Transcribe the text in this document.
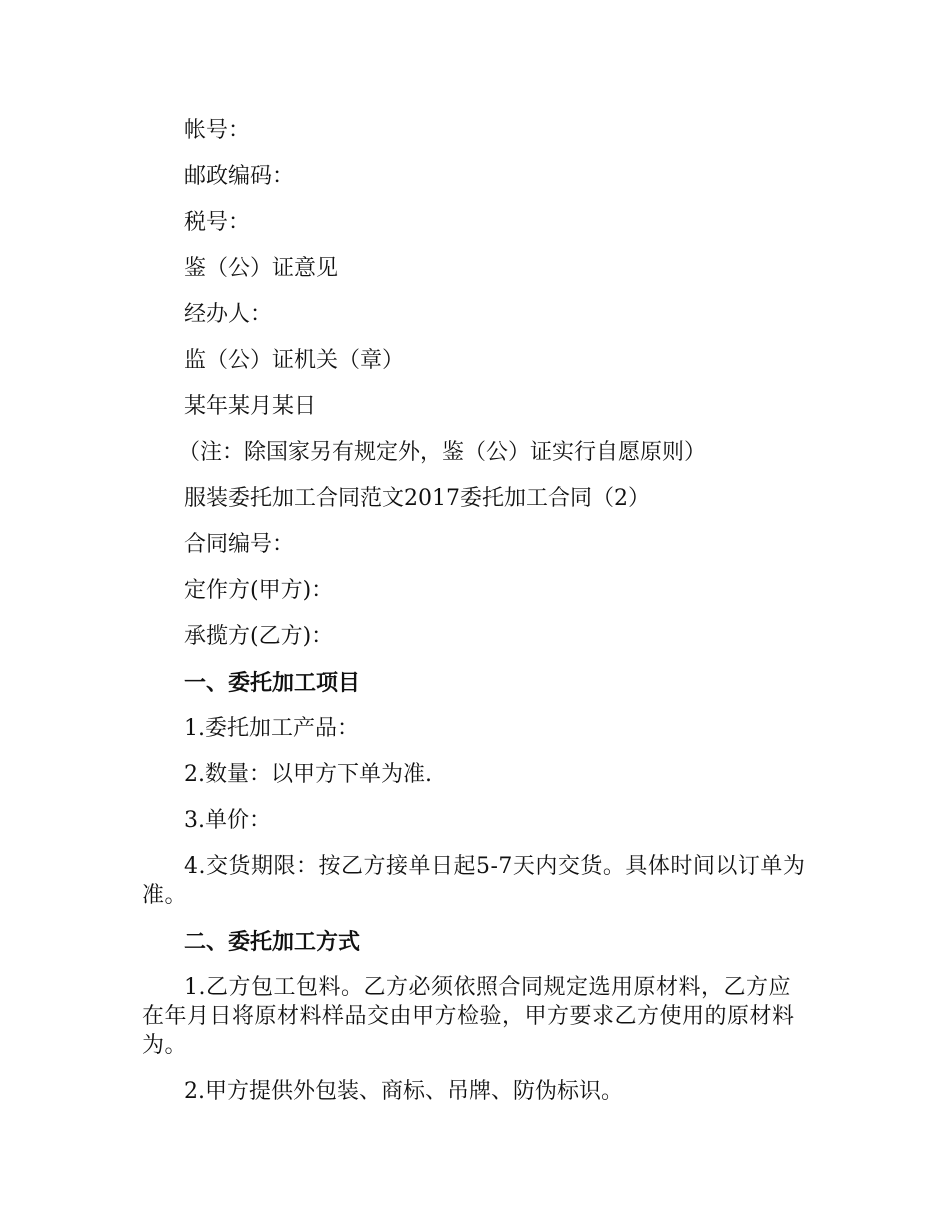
帐号：

邮政编码：

税号：

鉴（公）证意见

经办人：

监（公）证机关（章）

某年某月某日

（注：除国家另有规定外，鉴（公）证实行自愿原则）

服装委托加工合同范文2017委托加工合同（2）

合同编号：

定作方(甲方)：

承揽方(乙方)：

一、委托加工项目

1.委托加工产品：

2.数量：以甲方下单为准.

3.单价：

4.交货期限：按乙方接单日起5-7天内交货。具体时间以订单为准。

二、委托加工方式

1.乙方包工包料。乙方必须依照合同规定选用原材料，乙方应在年月日将原材料样品交由甲方检验，甲方要求乙方使用的原材料为。

2.甲方提供外包装、商标、吊牌、防伪标识。
